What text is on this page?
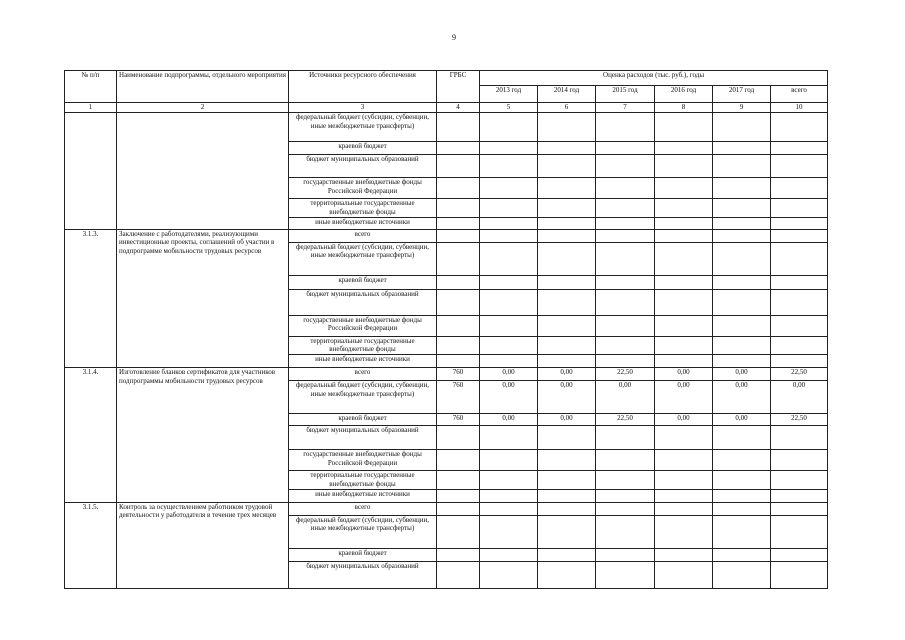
9
№ п/п	Наименование подпрограммы, отдельного мероприятия	Источники ресурсного обеспечения	ГРБС	Оценка расходов (тыс. руб.), годы					
				2013 год	2014 год	2015 год	2016 год	2017 год	всего
1	2	3	4	5	6	7	8	9	10
		федеральный бюджет (субсидии, субвенции, иные межбюджетные трансферты)							
		краевой бюджет							
		бюджет муниципальных образований							
		государственные внебюджетные фонды Российской Федерации							
		территориальные государственные внебюджетные фонды							
		иные внебюджетные источники							
3.1.3.	Заключение с работодателями, реализующими инвестиционные проекты, соглашений об участии в подпрограмме мобильности трудовых ресурсов	всего							
		федеральный бюджет (субсидии, субвенции, иные межбюджетные трансферты)							
		краевой бюджет							
		бюджет муниципальных образований							
		государственные внебюджетные фонды Российской Федерации							
		территориальные государственные внебюджетные фонды							
		иные внебюджетные источники							
3.1.4.	Изготовление бланков сертификатов для участников подпрограммы мобильности трудовых ресурсов	всего	760	0,00	0,00	22,50	0,00	0,00	22,50
		федеральный бюджет (субсидии, субвенции, иные межбюджетные трансферты)	760	0,00	0,00	0,00	0,00	0,00	0,00
		краевой бюджет	760	0,00	0,00	22,50	0,00	0,00	22,50
		бюджет муниципальных образований							
		государственные внебюджетные фонды Российской Федерации							
		территориальные государственные внебюджетные фонды							
		иные внебюджетные источники							
3.1.5.	Контроль за осуществлением работником трудовой деятельности у работодателя в течение трех месяцев	всего							
		федеральный бюджет (субсидии, субвенции, иные межбюджетные трансферты)							
		краевой бюджет							
		бюджет муниципальных образований							
